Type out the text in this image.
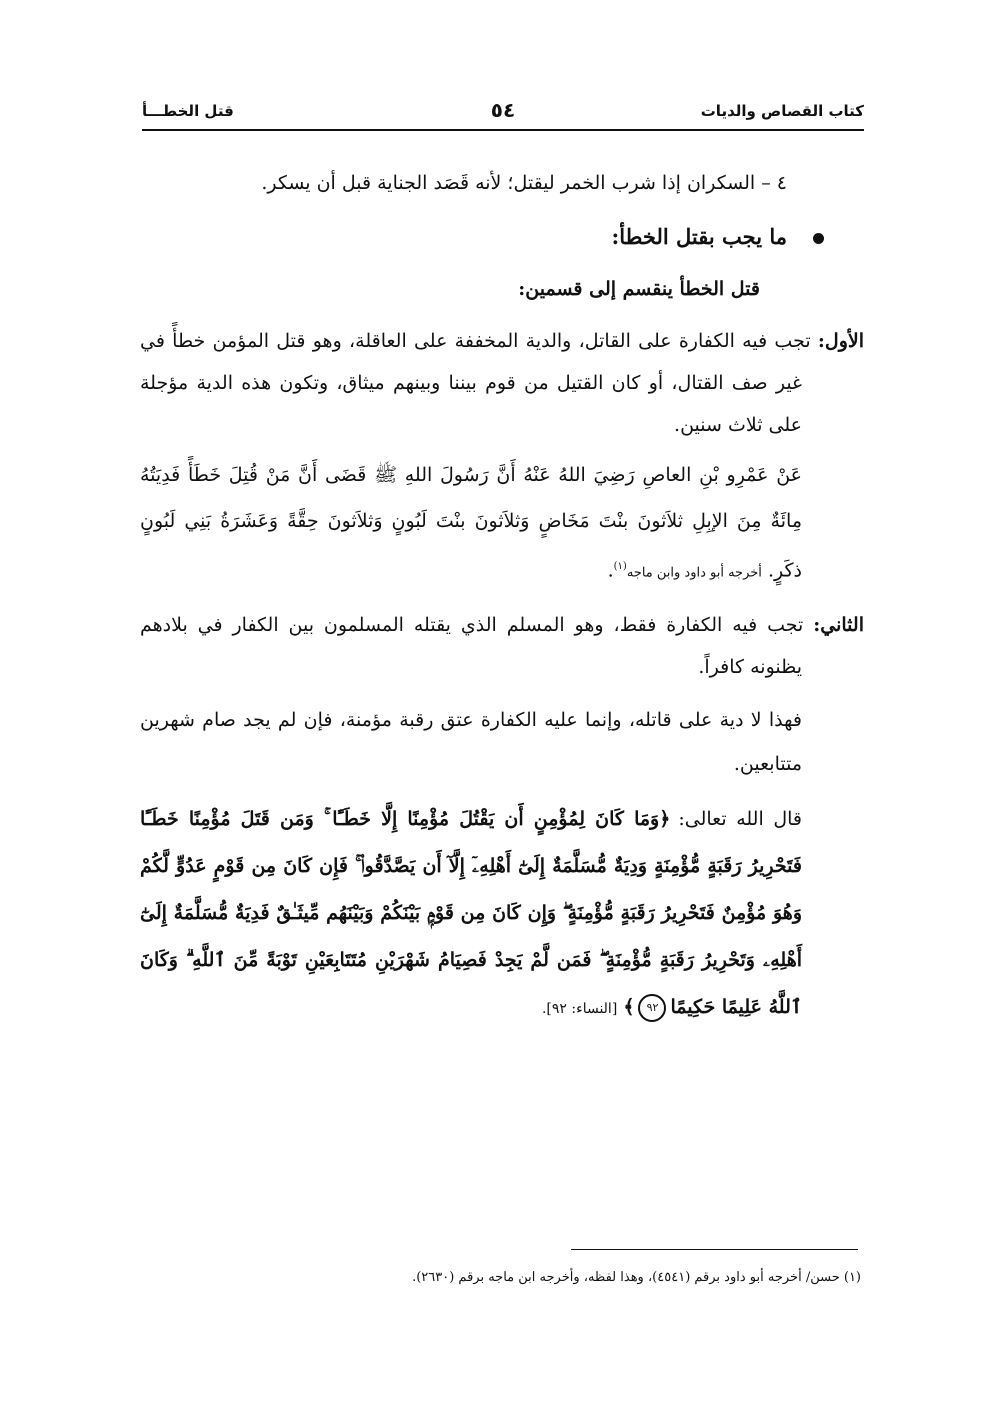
كتاب القصاص والديات
٥٤
قتل الخطـــأ

٤ – السكران إذا شرب الخمر ليقتل؛ لأنه قَصَد الجناية قبل أن يسكر.

ما يجب بقتل الخطأ:

قتل الخطأ ينقسم إلى قسمين:

الأول: تجب فيه الكفارة على القاتل، والدية المخففة على العاقلة، وهو قتل المؤمن خطأً في غير صف القتال، أو كان القتيل من قوم بيننا وبينهم ميثاق، وتكون هذه الدية مؤجلة على ثلاث سنين.

عَنْ عَمْرِو بْنِ العاصِ رَضِيَ اللهُ عَنْهُ أَنَّ رَسُولَ اللهِ ﷺ قَضَى أَنَّ مَنْ قُتِلَ خَطَأً فَدِيَتُهُ مِائَةٌ مِنَ الإبِلِ ثلاَثونَ بنْتَ مَخَاضٍ وَثلاَثونَ بنْتَ لَبُونٍ وَثلاَثونَ حِقَّةً وَعَشَرَةُ بَنِي لَبُونٍ ذكَرٍ. أخرجه أبو داود وابن ماجه$^{(١)}$.

الثاني: تجب فيه الكفارة فقط، وهو المسلم الذي يقتله المسلمون بين الكفار في بلادهم يظنونه كافراً.

فهذا لا دية على قاتله، وإنما عليه الكفارة عتق رقبة مؤمنة، فإن لم يجد صام شهرين متتابعين.

قال الله تعالى:﴿وَمَا كَانَ لِمُؤْمِنٍ أَن يَقْتُلَ مُؤْمِنًا إِلَّا خَطَـًٔا ۚ وَمَن قَتَلَ مُؤْمِنًا خَطَـًٔا فَتَحْرِيرُ رَقَبَةٍ مُّؤْمِنَةٍ وَدِيَةٌ مُّسَلَّمَةٌ إِلَىٰٓ أَهْلِهِۦٓ إِلَّآ أَن يَصَّدَّقُوا۟ ۚ فَإِن كَانَ مِن قَوْمٍ عَدُوٍّ لَّكُمْ وَهُوَ مُؤْمِنٌ فَتَحْرِيرُ رَقَبَةٍ مُّؤْمِنَةٍ ۖ وَإِن كَانَ مِن قَوْمٍۭ بَيْنَكُمْ وَبَيْنَهُم مِّيثَـٰقٌ فَدِيَةٌ مُّسَلَّمَةٌ إِلَىٰٓ أَهْلِهِۦ وَتَحْرِيرُ رَقَبَةٍ مُّؤْمِنَةٍ ۖ فَمَن لَّمْ يَجِدْ فَصِيَامُ شَهْرَيْنِ مُتَتَابِعَيْنِ تَوْبَةً مِّنَ ٱللَّهِ ۗ وَكَانَ ٱللَّهُ عَلِيمًا حَكِيمًا٩٢﴾ [النساء: ٩٢].

(١) حسن/ أخرجه أبو داود برقم (٤٥٤١)، وهذا لفظه، وأخرجه ابن ماجه برقم (٢٦٣٠).
